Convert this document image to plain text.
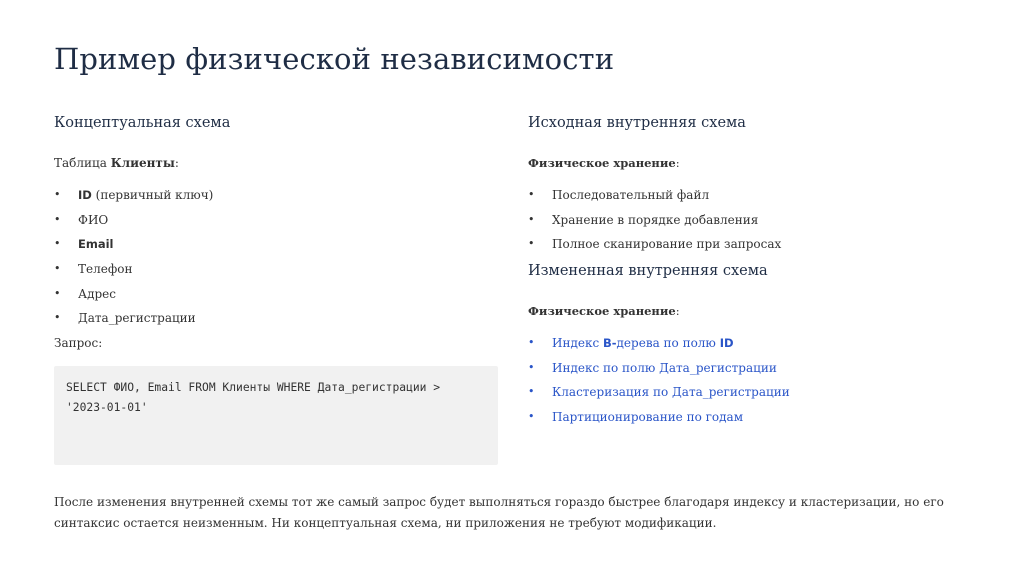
Пример физической независимости
Концептуальная схема
Таблица Клиенты:
• ID (первичный ключ)
• ФИО
• Email
• Телефон
• Адрес
• Дата_регистрации
Запрос:
SELECT ФИО, Email FROM Клиенты WHERE Дата_регистрации >
'2023-01-01'
Исходная внутренняя схема
Физическое хранение:
• Последовательный файл
• Хранение в порядке добавления
• Полное сканирование при запросах
Измененная внутренняя схема
Физическое хранение:
• Индекс B-дерева по полю ID
• Индекс по полю Дата_регистрации
• Кластеризация по Дата_регистрации
• Партиционирование по годам

После изменения внутренней схемы тот же самый запрос будет выполняться гораздо быстрее благодаря индексу и кластеризации, но его синтаксис остается неизменным. Ни концептуальная схема, ни приложения не требуют модификации.
